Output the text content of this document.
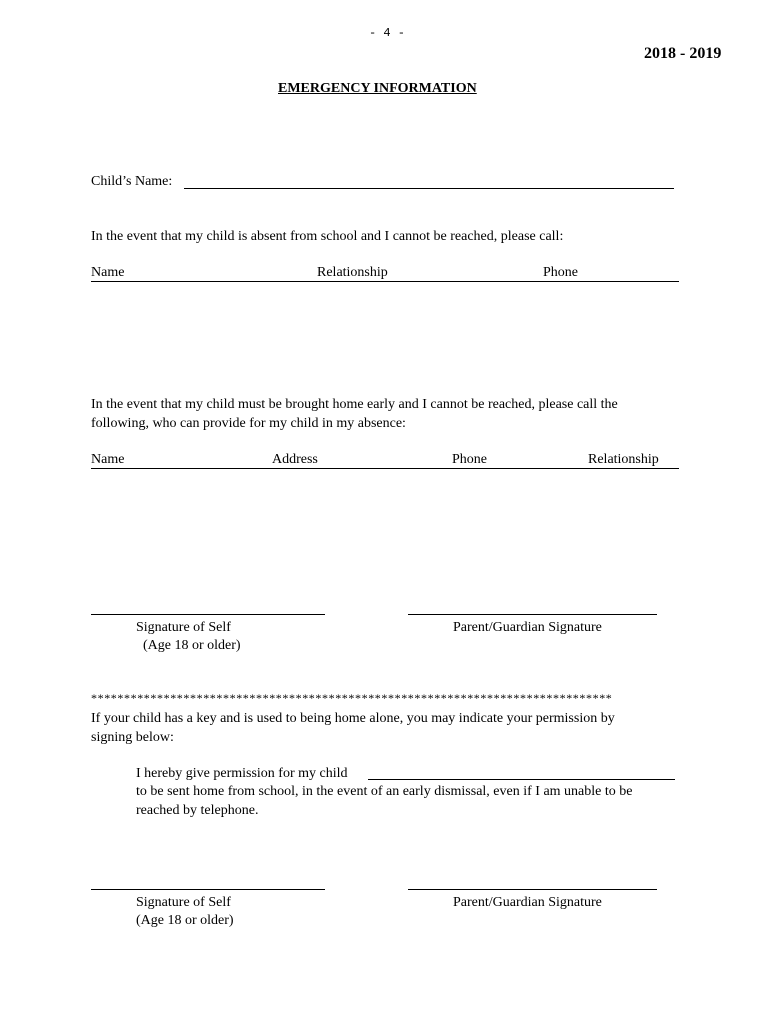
- 4 -
2018 - 2019
EMERGENCY INFORMATION
Child’s Name:
In the event that my child is absent from school and I cannot be reached, please call:
Name	Relationship	Phone
In the event that my child must be brought home early and I cannot be reached, please call the
following, who can provide for my child in my absence:
Name	Address	Phone	Relationship
Signature of Self
(Age 18 or older)
Parent/Guardian Signature
*******************************************************************************
If your child has a key and is used to being home alone, you may indicate your permission by
signing below:
I hereby give permission for my child
to be sent home from school, in the event of an early dismissal, even if I am unable to be
reached by telephone.
Signature of Self
(Age 18 or older)
Parent/Guardian Signature
